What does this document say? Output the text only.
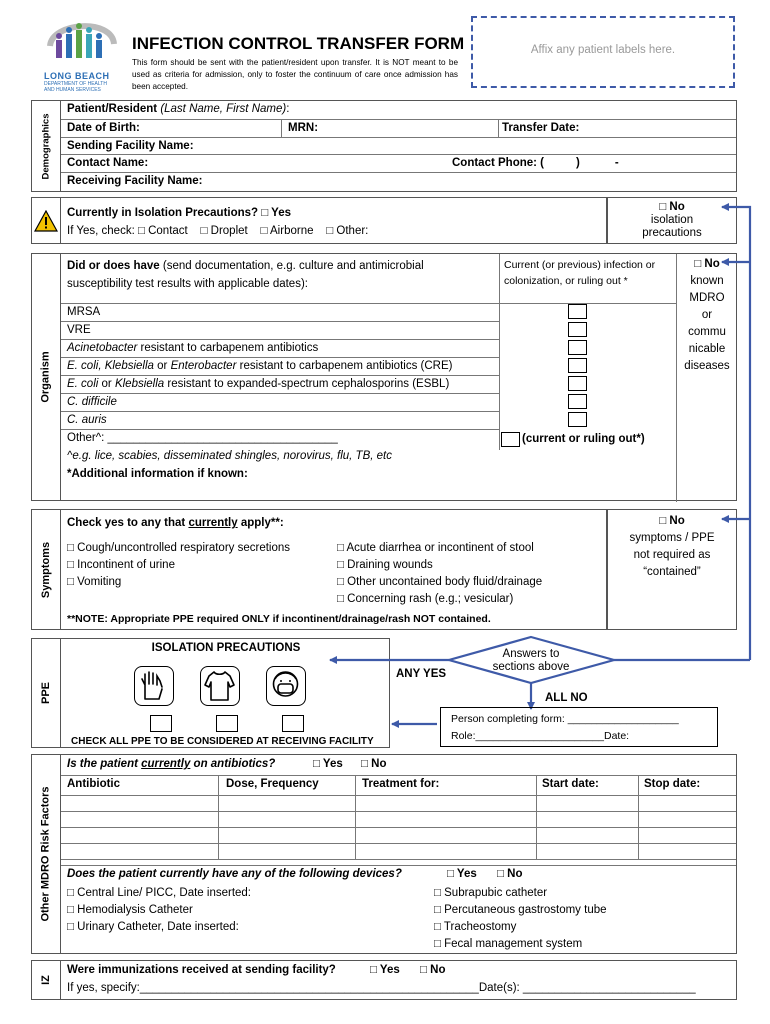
LONG BEACH
DEPARTMENT OF HEALTH
AND HUMAN SERVICES
INFECTION CONTROL TRANSFER FORM
This form should be sent with the patient/resident upon transfer. It is NOT meant to be used as criteria for admission, only to foster the continuum of care once admission has been accepted.
Affix any patient labels here.
Demographics
Patient/Resident (Last Name, First Name):
Date of Birth:	MRN:	Transfer Date:
Sending Facility Name:
Contact Name:	Contact Phone: (          )           -
Receiving Facility Name:
Currently in Isolation Precautions? □ Yes
If Yes, check: □ Contact    □ Droplet    □ Airborne    □ Other:
□ No
isolation
precautions
Organism
Did or does have (send documentation, e.g. culture and antimicrobial susceptibility test results with applicable dates):
Current (or previous) infection or colonization, or ruling out *
□ No
known
MDRO
or
commu
nicable
diseases
MRSA
VRE
Acinetobacter resistant to carbapenem antibiotics
E. coli, Klebsiella or Enterobacter resistant to carbapenem antibiotics (CRE)
E. coli or Klebsiella resistant to expanded-spectrum cephalosporins (ESBL)
C. difficile
C. auris
Other^: ____________________________________	(current or ruling out*)
^e.g. lice, scabies, disseminated shingles, norovirus, flu, TB, etc
*Additional information if known:
Symptoms
Check yes to any that currently apply**:
□ Cough/uncontrolled respiratory secretions
□ Incontinent of urine
□ Vomiting
□ Acute diarrhea or incontinent of stool
□ Draining wounds
□ Other uncontained body fluid/drainage
□ Concerning rash (e.g.; vesicular)
**NOTE: Appropriate PPE required ONLY if incontinent/drainage/rash NOT contained.
□ No
symptoms / PPE
not required as
“contained”
PPE
ISOLATION PRECAUTIONS
CHECK ALL PPE TO BE CONSIDERED AT RECEIVING FACILITY
Answers to
sections above
ANY YES
ALL NO
Person completing form: ___________________
Role:______________________Date:
Other MDRO Risk Factors
Is the patient currently on antibiotics?	□ Yes □ No
Antibiotic	Dose, Frequency	Treatment for:	Start date:	Stop date:
Does the patient currently have any of the following devices?	□ Yes □ No
□ Central Line/ PICC, Date inserted:
□ Hemodialysis Catheter
□ Urinary Catheter, Date inserted:
□ Subrapubic catheter
□ Percutaneous gastrostomy tube
□ Tracheostomy
□ Fecal management system
IZ
Were immunizations received at sending facility?	□ Yes □ No
If yes, specify:_____________________________________________________Date(s): ___________________________
